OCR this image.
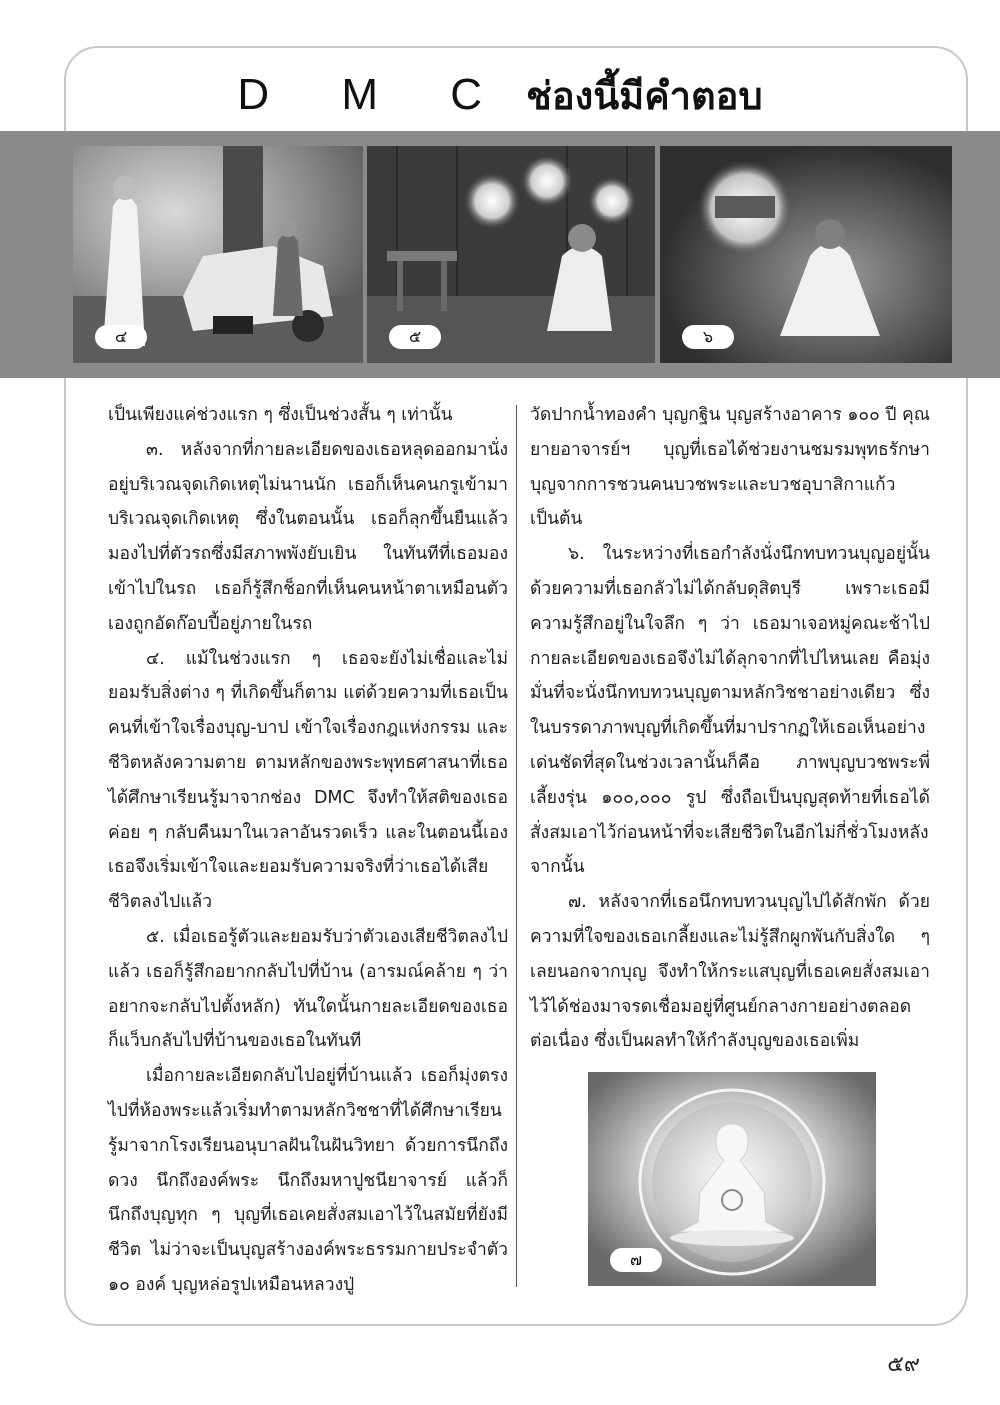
D M C ช่องนี้มีคำตอบ
๔	๕	๖

เป็นเพียงแค่ช่วงแรก ๆ ซึ่งเป็นช่วงสั้น ๆ เท่านั้น

๓. หลังจากที่กายละเอียดของเธอหลุดออกมานั่งอยู่บริเวณจุดเกิดเหตุไม่นานนัก เธอก็เห็นคนกรูเข้ามาบริเวณจุดเกิดเหตุ ซึ่งในตอนนั้น เธอก็ลุกขึ้นยืนแล้วมองไปที่ตัวรถซึ่งมีสภาพพังยับเยิน ในทันทีที่เธอมองเข้าไปในรถ เธอก็รู้สึกช็อกที่เห็นคนหน้าตาเหมือนตัวเองถูกอัดก๊อบปี้อยู่ภายในรถ

๔. แม้ในช่วงแรก ๆ เธอจะยังไม่เชื่อและไม่ยอมรับสิ่งต่าง ๆ ที่เกิดขึ้นก็ตาม แต่ด้วยความที่เธอเป็นคนที่เข้าใจเรื่องบุญ-บาป เข้าใจเรื่องกฎแห่งกรรม และชีวิตหลังความตาย ตามหลักของพระพุทธศาสนาที่เธอได้ศึกษาเรียนรู้มาจากช่อง DMC จึงทำให้สติของเธอค่อย ๆ กลับคืนมาในเวลาอันรวดเร็ว และในตอนนี้เอง เธอจึงเริ่มเข้าใจและยอมรับความจริงที่ว่าเธอได้เสียชีวิตลงไปแล้ว

๕. เมื่อเธอรู้ตัวและยอมรับว่าตัวเองเสียชีวิตลงไปแล้ว เธอก็รู้สึกอยากกลับไปที่บ้าน (อารมณ์คล้าย ๆ ว่าอยากจะกลับไปตั้งหลัก) ทันใดนั้นกายละเอียดของเธอก็แว็บกลับไปที่บ้านของเธอในทันที

เมื่อกายละเอียดกลับไปอยู่ที่บ้านแล้ว เธอก็มุ่งตรงไปที่ห้องพระแล้วเริ่มทำตามหลักวิชชาที่ได้ศึกษาเรียนรู้มาจากโรงเรียนอนุบาลฝันในฝันวิทยา ด้วยการนึกถึงดวง นึกถึงองค์พระ นึกถึงมหาปูชนียาจารย์ แล้วก็นึกถึงบุญทุก ๆ บุญที่เธอเคยสั่งสมเอาไว้ในสมัยที่ยังมีชีวิต ไม่ว่าจะเป็นบุญสร้างองค์พระธรรมกายประจำตัว ๑๐ องค์ บุญหล่อรูปเหมือนหลวงปู่

วัดปากน้ำทองคำ บุญกฐิน บุญสร้างอาคาร ๑๐๐ ปี คุณยายอาจารย์ฯ บุญที่เธอได้ช่วยงานชมรมพุทธรักษา บุญจากการชวนคนบวชพระและบวชอุบาสิกาแก้ว เป็นต้น

๖. ในระหว่างที่เธอกำลังนั่งนึกทบทวนบุญอยู่นั้น ด้วยความที่เธอกลัวไม่ได้กลับดุสิตบุรี เพราะเธอมีความรู้สึกอยู่ในใจลึก ๆ ว่า เธอมาเจอหมู่คณะช้าไป กายละเอียดของเธอจึงไม่ได้ลุกจากที่ไปไหนเลย คือมุ่งมั่นที่จะนั่งนึกทบทวนบุญตามหลักวิชชาอย่างเดียว ซึ่งในบรรดาภาพบุญที่เกิดขึ้นที่มาปรากฏให้เธอเห็นอย่างเด่นชัดที่สุดในช่วงเวลานั้นก็คือ ภาพบุญบวชพระพี่เลี้ยงรุ่น ๑๐๐,๐๐๐ รูป ซึ่งถือเป็นบุญสุดท้ายที่เธอได้สั่งสมเอาไว้ก่อนหน้าที่จะเสียชีวิตในอีกไม่กี่ชั่วโมงหลังจากนั้น

๗. หลังจากที่เธอนึกทบทวนบุญไปได้สักพัก ด้วยความที่ใจของเธอเกลี้ยงและไม่รู้สึกผูกพันกับสิ่งใด ๆ เลยนอกจากบุญ จึงทำให้กระแสบุญที่เธอเคยสั่งสมเอาไว้ได้ช่องมาจรดเชื่อมอยู่ที่ศูนย์กลางกายอย่างตลอดต่อเนื่อง ซึ่งเป็นผลทำให้กำลังบุญของเธอเพิ่ม

๗
๕๙
